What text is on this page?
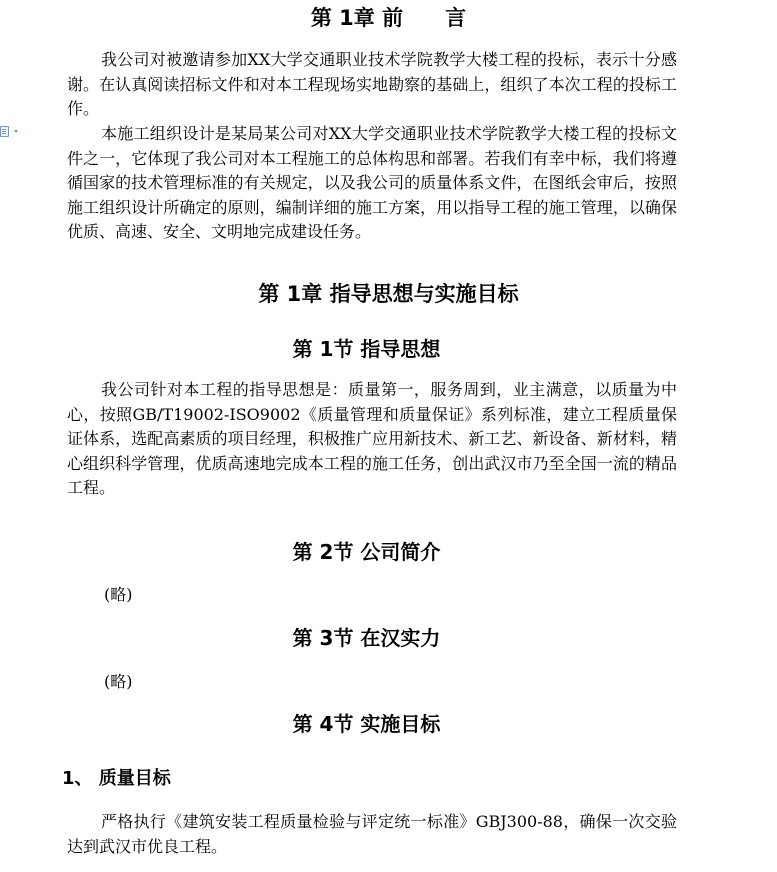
第 1章 前　　言

我公司对被邀请参加XX大学交通职业技术学院教学大楼工程的投标，表示十分感谢。在认真阅读招标文件和对本工程现场实地勘察的基础上，组织了本次工程的投标工作。

本施工组织设计是某局某公司对XX大学交通职业技术学院教学大楼工程的投标文件之一，它体现了我公司对本工程施工的总体构思和部署。若我们有幸中标，我们将遵循国家的技术管理标准的有关规定，以及我公司的质量体系文件，在图纸会审后，按照施工组织设计所确定的原则，编制详细的施工方案，用以指导工程的施工管理，以确保优质、高速、安全、文明地完成建设任务。

第 1章 指导思想与实施目标
第 1节 指导思想

我公司针对本工程的指导思想是：质量第一，服务周到，业主满意，以质量为中心，按照GB/T19002-ISO9002《质量管理和质量保证》系列标准，建立工程质量保证体系，选配高素质的项目经理，积极推广应用新技术、新工艺、新设备、新材料，精心组织科学管理，优质高速地完成本工程的施工任务，创出武汉市乃至全国一流的精品工程。

第 2节 公司简介

(略)

第 3节 在汉实力

(略)

第 4节 实施目标
1、 质量目标

严格执行《建筑安装工程质量检验与评定统一标准》GBJ300-88，确保一次交验达到武汉市优良工程。
